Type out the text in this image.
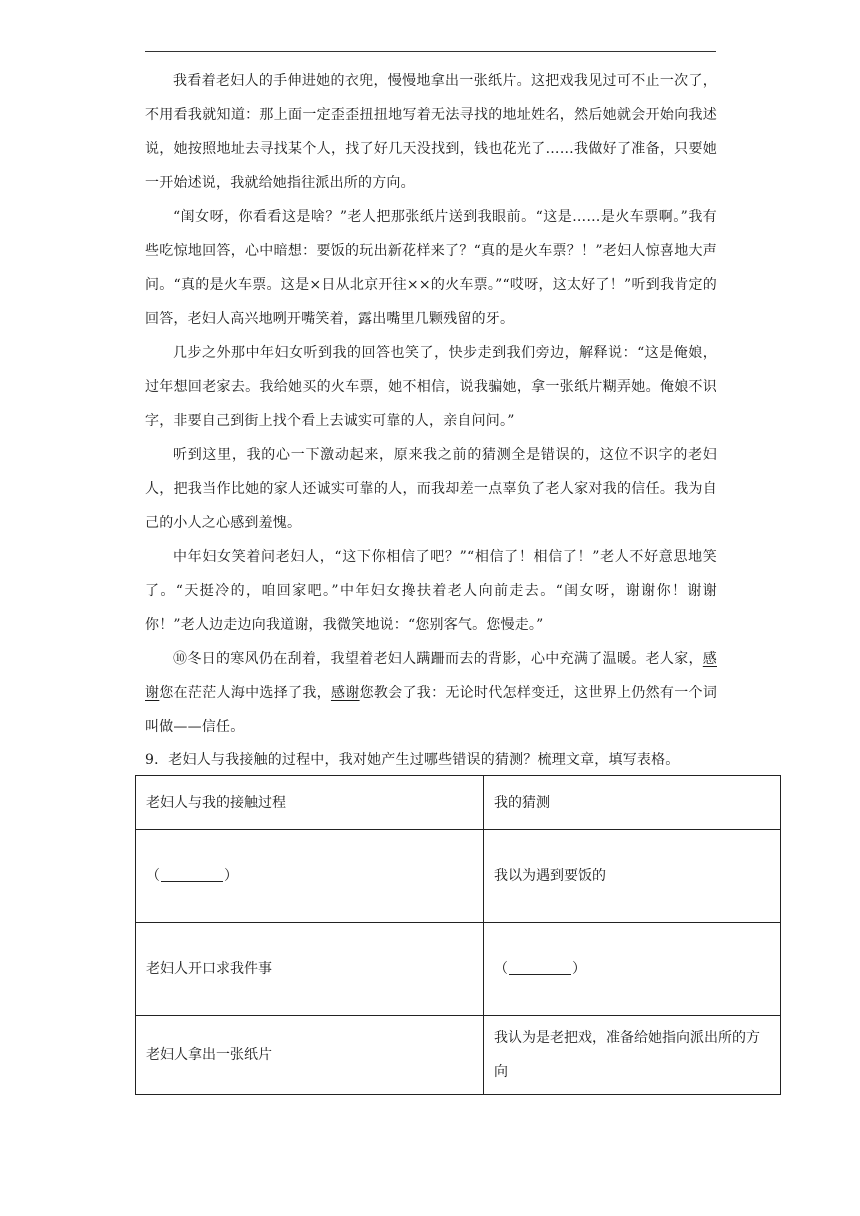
我看着老妇人的手伸进她的衣兜，慢慢地拿出一张纸片。这把戏我见过可不止一次了，不用看我就知道：那上面一定歪歪扭扭地写着无法寻找的地址姓名，然后她就会开始向我述说，她按照地址去寻找某个人，找了好几天没找到，钱也花光了……我做好了准备，只要她一开始述说，我就给她指往派出所的方向。

“闺女呀，你看看这是啥？”老人把那张纸片送到我眼前。“这是……是火车票啊。”我有些吃惊地回答，心中暗想：要饭的玩出新花样来了？“真的是火车票？！”老妇人惊喜地大声问。“真的是火车票。这是×日从北京开往××的火车票。”“哎呀，这太好了！”听到我肯定的回答，老妇人高兴地咧开嘴笑着，露出嘴里几颗残留的牙。

几步之外那中年妇女听到我的回答也笑了，快步走到我们旁边，解释说：“这是俺娘，过年想回老家去。我给她买的火车票，她不相信，说我骗她，拿一张纸片糊弄她。俺娘不识字，非要自己到街上找个看上去诚实可靠的人，亲自问问。”

听到这里，我的心一下激动起来，原来我之前的猜测全是错误的，这位不识字的老妇人，把我当作比她的家人还诚实可靠的人，而我却差一点辜负了老人家对我的信任。我为自己的小人之心感到羞愧。

中年妇女笑着问老妇人，“这下你相信了吧？”“相信了！相信了！”老人不好意思地笑了。“天挺冷的，咱回家吧。”中年妇女搀扶着老人向前走去。“闺女呀，谢谢你！谢谢你！”老人边走边向我道谢，我微笑地说：“您别客气。您慢走。”

⑩冬日的寒风仍在刮着，我望着老妇人蹒跚而去的背影，心中充满了温暖。老人家，感谢您在茫茫人海中选择了我，感谢您教会了我：无论时代怎样变迁，这世界上仍然有一个词叫做——信任。

9．老妇人与我接触的过程中，我对她产生过哪些错误的猜测？梳理文章，填写表格。
老妇人与我的接触过程	我的猜测
（ ）	我以为遇到要饭的
老妇人开口求我件事	（ ）
老妇人拿出一张纸片	我认为是老把戏，准备给她指向派出所的方向
